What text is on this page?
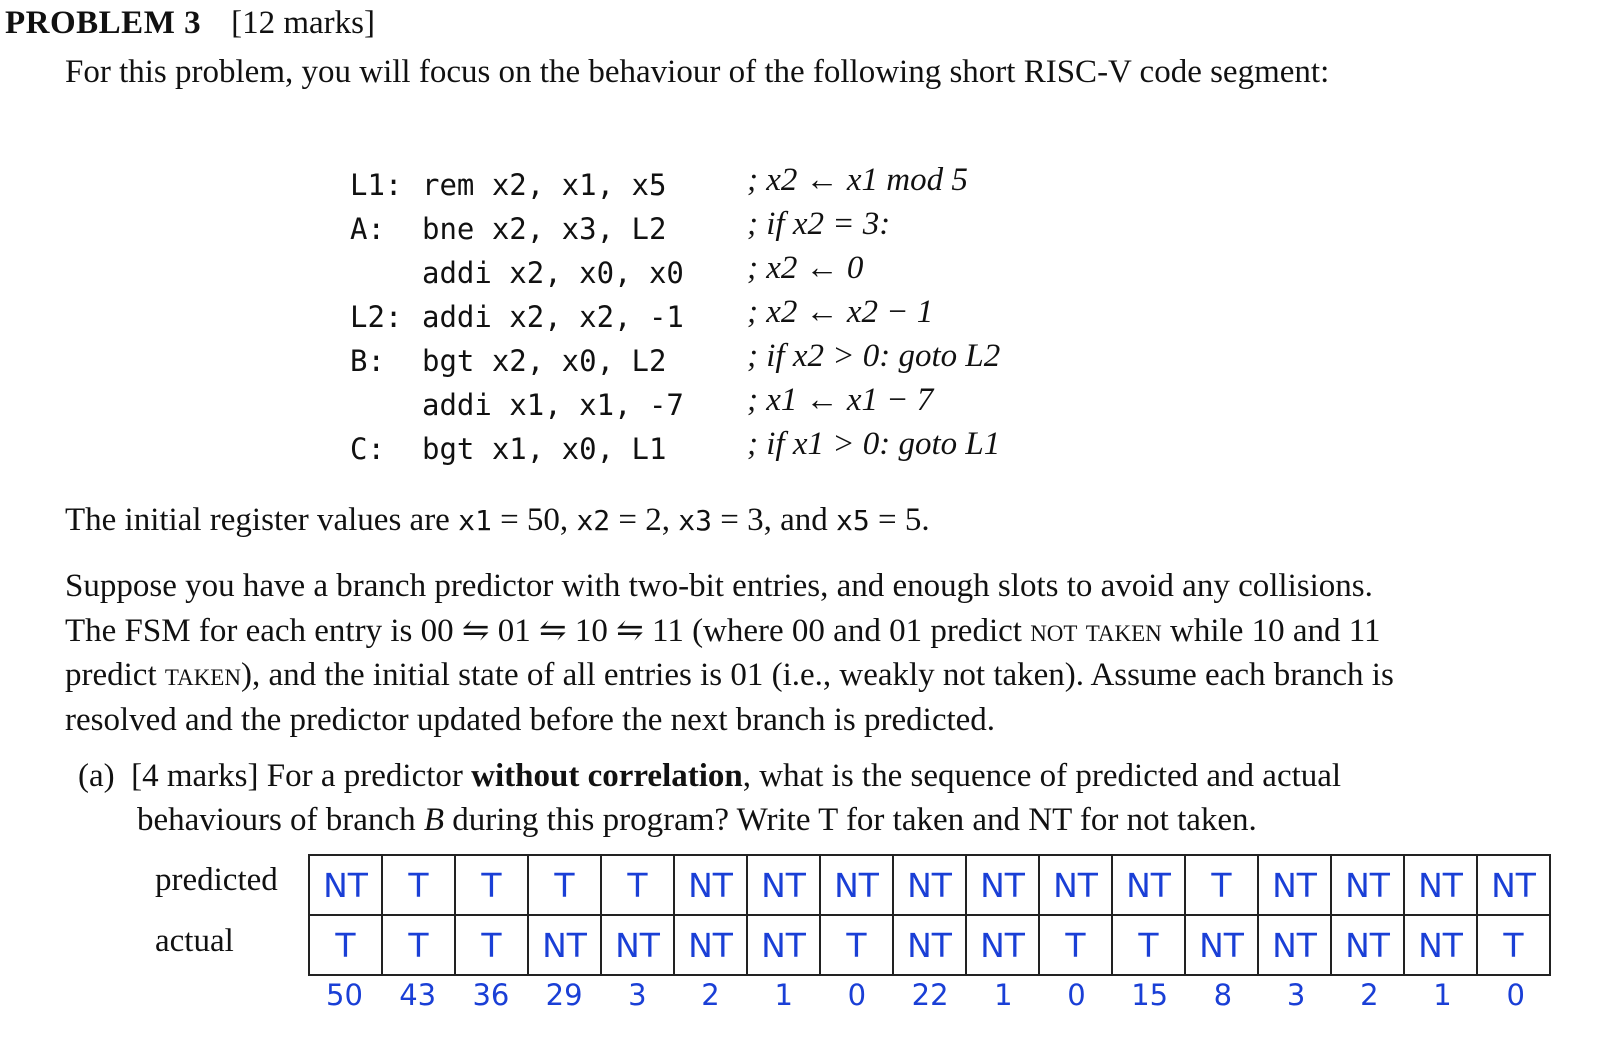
PROBLEM 3 [12 marks]
For this problem, you will focus on the behaviour of the following short RISC-V code segment:
L1: rem x2, x1, x5 ; x2 ← x1 mod 5
A: bne x2, x3, L2 ; if x2 = 3:
addi x2, x0, x0 ; x2 ← 0
L2: addi x2, x2, -1 ; x2 ← x2 − 1
B: bgt x2, x0, L2 ; if x2 > 0: goto L2
addi x1, x1, -7 ; x1 ← x1 − 7
C: bgt x1, x0, L1 ; if x1 > 0: goto L1
The initial register values are x1 = 50, x2 = 2, x3 = 3, and x5 = 5.
Suppose you have a branch predictor with two-bit entries, and enough slots to avoid any collisions.
The FSM for each entry is 00 ⇋ 01 ⇋ 10 ⇋ 11 (where 00 and 01 predict not taken while 10 and 11
predict taken), and the initial state of all entries is 01 (i.e., weakly not taken). Assume each branch is
resolved and the predictor updated before the next branch is predicted.
(a) [4 marks] For a predictor without correlation, what is the sequence of predicted and actual
behaviours of branch B during this program? Write T for taken and NT for not taken.
predicted
actual
NT	T	T	T	T	NT	NT	NT	NT	NT	NT	NT	T	NT	NT	NT	NT
T	T	T	NT	NT	NT	NT	T	NT	NT	T	T	NT	NT	NT	NT	T
50	43	36	29	3	2	1	0	22	1	0	15	8	3	2	1	0
